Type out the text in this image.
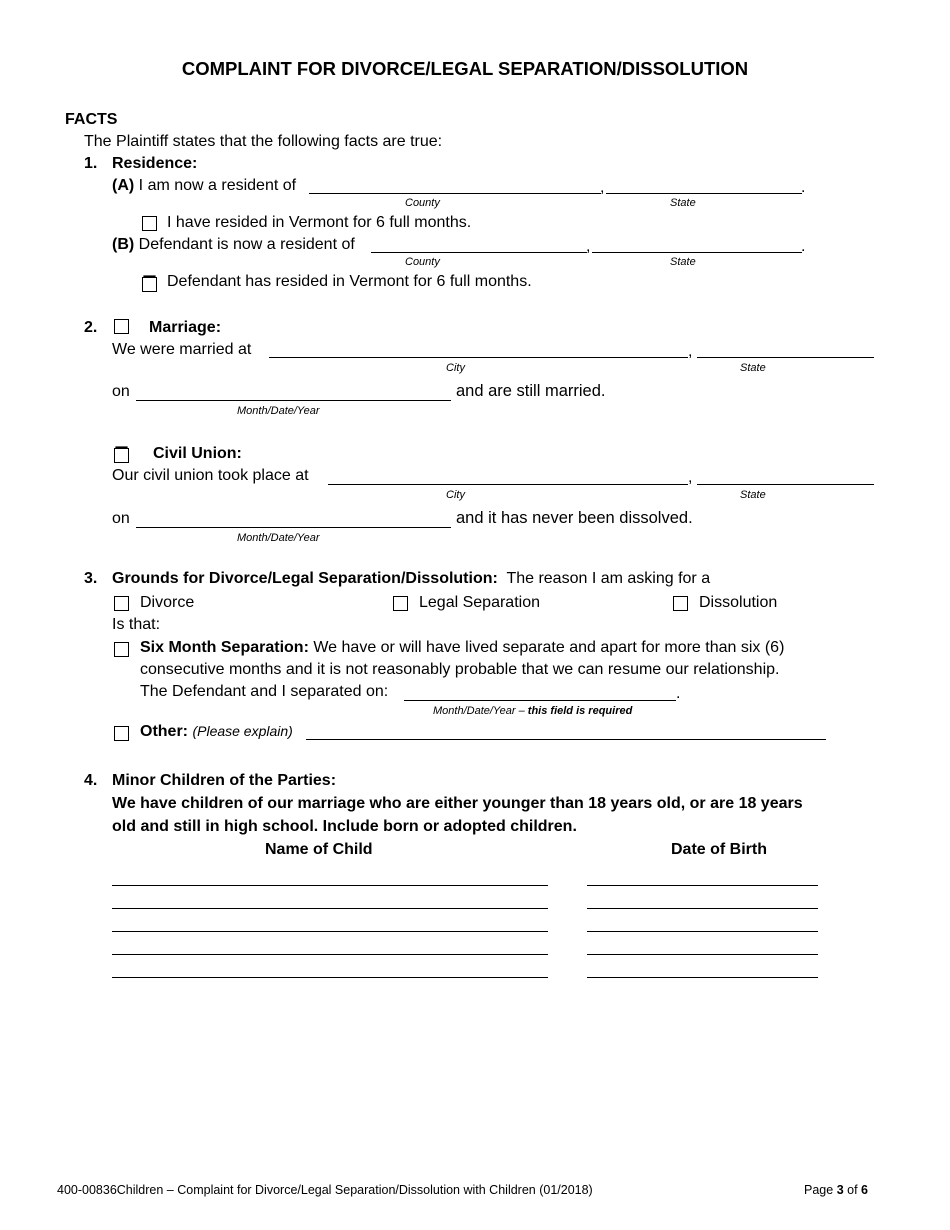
COMPLAINT FOR DIVORCE/LEGAL SEPARATION/DISSOLUTION
FACTS
The Plaintiff states that the following facts are true:
1. Residence:
(A) I am now a resident of	,	.
County	State
I have resided in Vermont for 6 full months.
(B) Defendant is now a resident of	,	.
County	State
Defendant has resided in Vermont for 6 full months.
2.	Marriage:
We were married at	,
City	State
on	and are still married.
Month/Date/Year
Civil Union:
Our civil union took place at	,
City	State
on	and it has never been dissolved.
Month/Date/Year
3. Grounds for Divorce/Legal Separation/Dissolution: The reason I am asking for a
Divorce	Legal Separation	Dissolution
Is that:
Six Month Separation: We have or will have lived separate and apart for more than six (6)
consecutive months and it is not reasonably probable that we can resume our relationship.
The Defendant and I separated on:	.
Month/Date/Year – this field is required
Other: (Please explain)
4. Minor Children of the Parties:
We have children of our marriage who are either younger than 18 years old, or are 18 years
old and still in high school. Include born or adopted children.
Name of Child	Date of Birth
400-00836Children – Complaint for Divorce/Legal Separation/Dissolution with Children (01/2018)	Page 3 of 6
